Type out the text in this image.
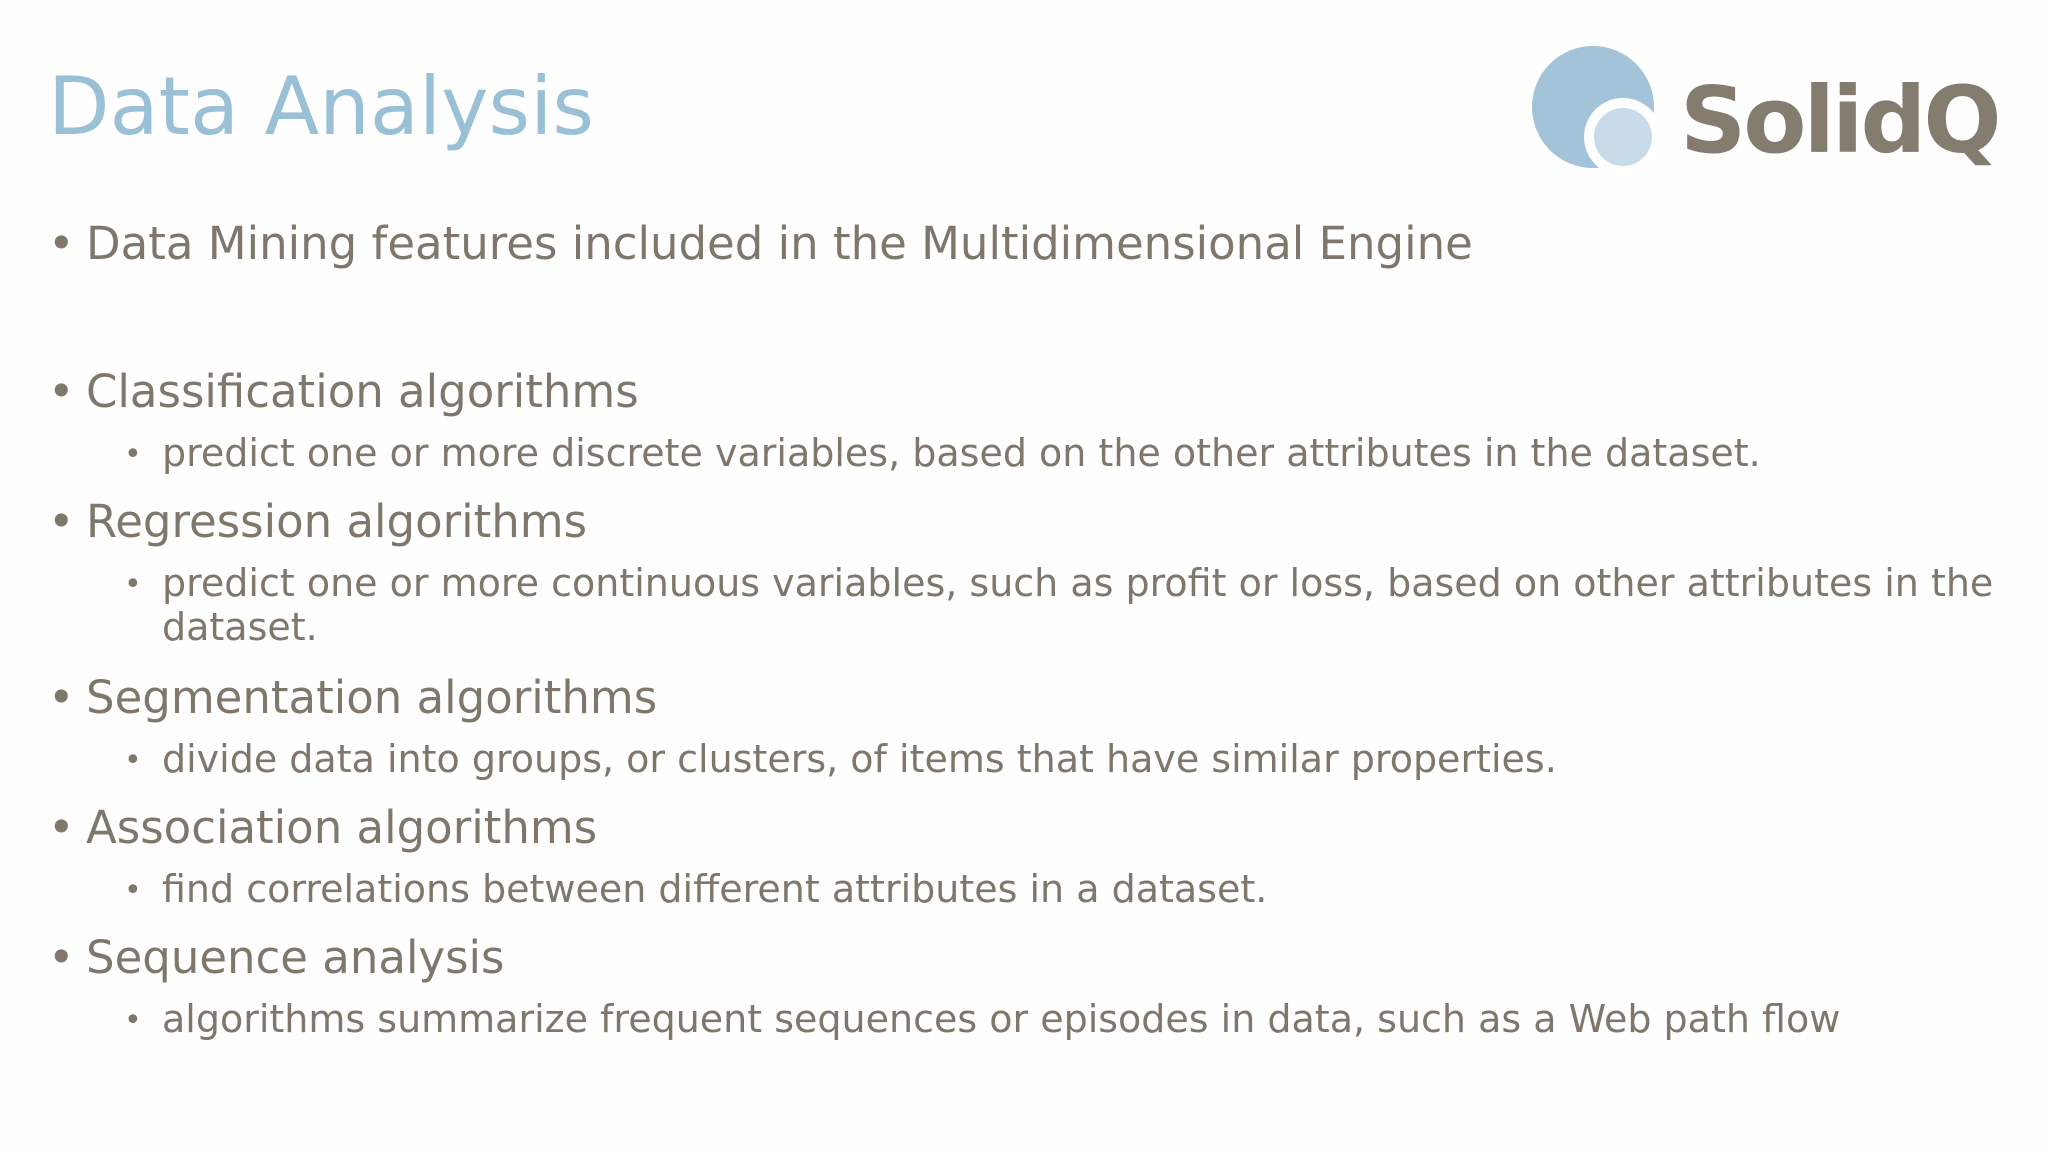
Data Analysis	SolidQ
• Data Mining features included in the Multidimensional Engine
• Classification algorithms
• predict one or more discrete variables, based on the other attributes in the dataset.
• Regression algorithms
• predict one or more continuous variables, such as profit or loss, based on other attributes in the
dataset.
• Segmentation algorithms
• divide data into groups, or clusters, of items that have similar properties.
• Association algorithms
• find correlations between different attributes in a dataset.
• Sequence analysis
• algorithms summarize frequent sequences or episodes in data, such as a Web path flow
